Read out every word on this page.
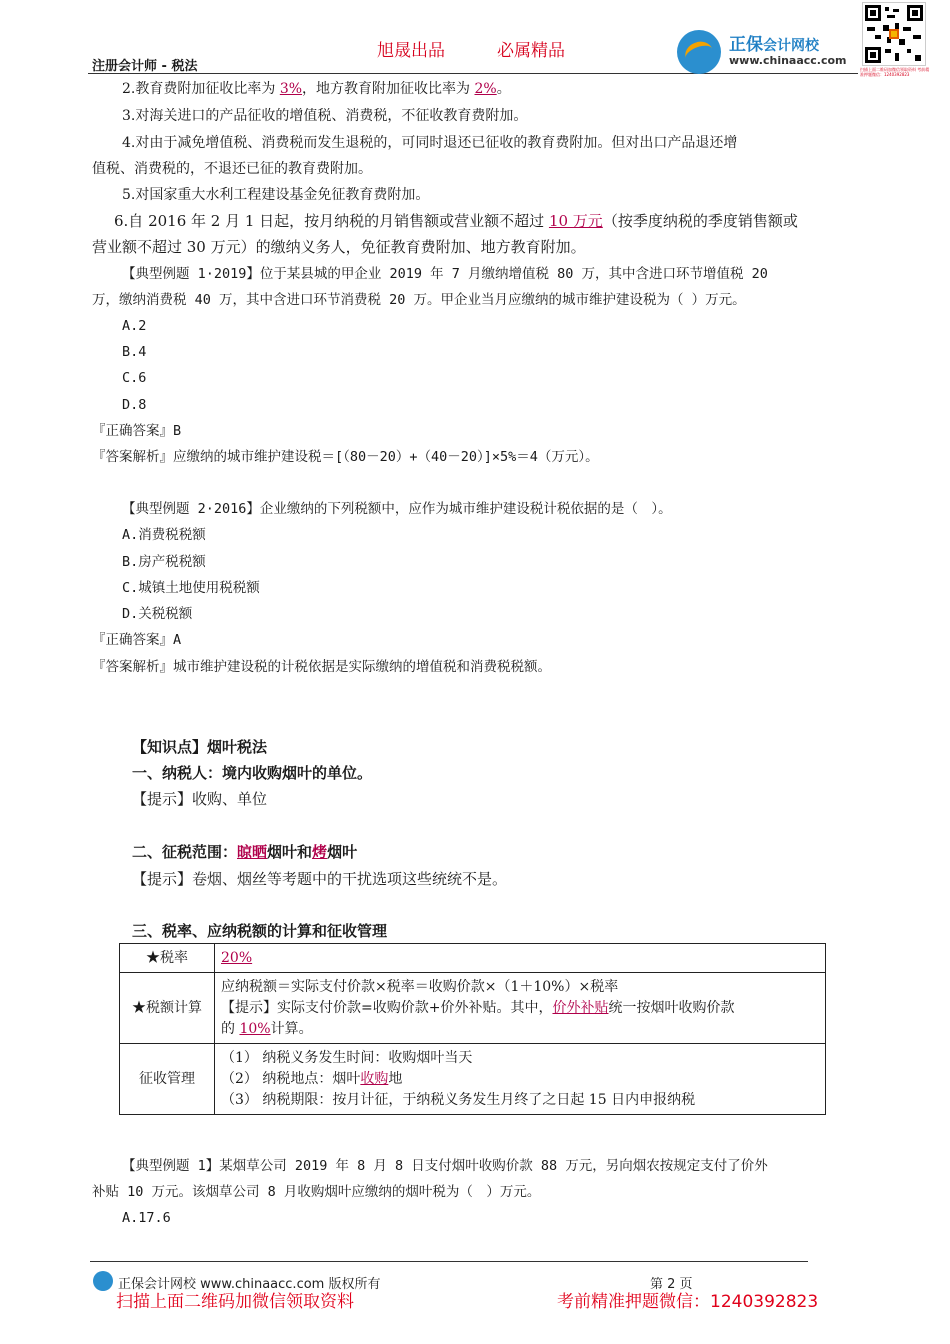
注册会计师 - 税法
旭晟出品	必属精品	正保会计网校
www.chinaacc.com
扫描上面二维码加微信领取资料 考前精准押题微信：1240392823
2.教育费附加征收比率为 3%，地方教育附加征收比率为 2%。
3.对海关进口的产品征收的增值税、消费税，不征收教育费附加。
4.对由于减免增值税、消费税而发生退税的，可同时退还已征收的教育费附加。但对出口产品退还增
值税、消费税的，不退还已征的教育费附加。
5.对国家重大水利工程建设基金免征教育费附加。
6.自 2016 年 2 月 1 日起，按月纳税的月销售额或营业额不超过 10 万元（按季度纳税的季度销售额或
营业额不超过 30 万元）的缴纳义务人，免征教育费附加、地方教育附加。
【典型例题 1·2019】位于某县城的甲企业 2019 年 7 月缴纳增值税 80 万，其中含进口环节增值税 20
万，缴纳消费税 40 万，其中含进口环节消费税 20 万。甲企业当月应缴纳的城市维护建设税为（ ）万元。
A.2
B.4
C.6
D.8
『正确答案』B
『答案解析』应缴纳的城市维护建设税＝[（80－20）+（40－20）]×5%＝4（万元）。
【典型例题 2·2016】企业缴纳的下列税额中，应作为城市维护建设税计税依据的是（　）。
A.消费税税额
B.房产税税额
C.城镇土地使用税税额
D.关税税额
『正确答案』A
『答案解析』城市维护建设税的计税依据是实际缴纳的增值税和消费税税额。
【知识点】烟叶税法
一、纳税人：境内收购烟叶的单位。
【提示】收购、单位
二、征税范围：晾晒烟叶和烤烟叶
【提示】卷烟、烟丝等考题中的干扰选项这些统统不是。
三、税率、应纳税额的计算和征收管理
★税率	20%
★税额计算	应纳税额＝实际支付价款×税率＝收购价款×（1＋10%）×税率
【提示】实际支付价款=收购价款+价外补贴。其中，价外补贴统一按烟叶收购价款
的 10%计算。

征收管理	（1） 纳税义务发生时间：收购烟叶当天
（2） 纳税地点：烟叶收购地
（3） 纳税期限：按月计征，于纳税义务发生月终了之日起 15 日内申报纳税
【典型例题 1】某烟草公司 2019 年 8 月 8 日支付烟叶收购价款 88 万元，另向烟农按规定支付了价外
补贴 10 万元。该烟草公司 8 月收购烟叶应缴纳的烟叶税为（　）万元。
A.17.6
正保会计网校 www.chinaacc.com 版权所有	第 2 页
扫描上面二维码加微信领取资料	考前精准押题微信：1240392823
